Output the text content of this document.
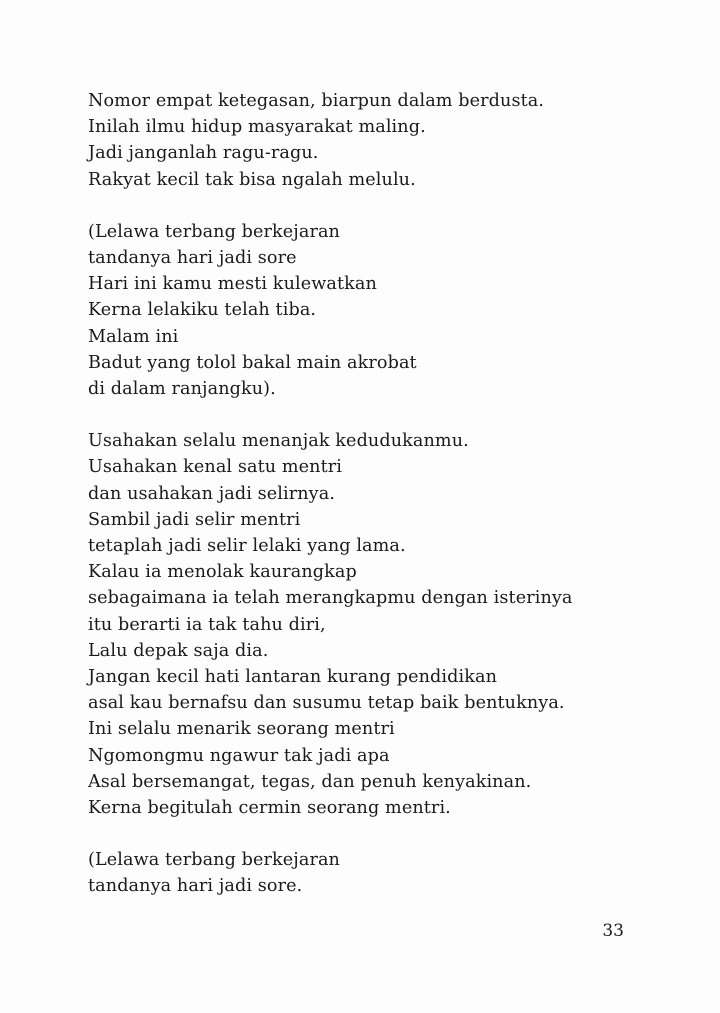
Nomor empat ketegasan, biarpun dalam berdusta.
Inilah ilmu hidup masyarakat maling.
Jadi janganlah ragu-ragu.
Rakyat kecil tak bisa ngalah melulu.
(Lelawa terbang berkejaran
tandanya hari jadi sore
Hari ini kamu mesti kulewatkan
Kerna lelakiku telah tiba.
Malam ini
Badut yang tolol bakal main akrobat
di dalam ranjangku).
Usahakan selalu menanjak kedudukanmu.
Usahakan kenal satu mentri
dan usahakan jadi selirnya.
Sambil jadi selir mentri
tetaplah jadi selir lelaki yang lama.
Kalau ia menolak kaurangkap
sebagaimana ia telah merangkapmu dengan isterinya
itu berarti ia tak tahu diri,
Lalu depak saja dia.
Jangan kecil hati lantaran kurang pendidikan
asal kau bernafsu dan susumu tetap baik bentuknya.
Ini selalu menarik seorang mentri
Ngomongmu ngawur tak jadi apa
Asal bersemangat, tegas, dan penuh kenyakinan.
Kerna begitulah cermin seorang mentri.
(Lelawa terbang berkejaran
tandanya hari jadi sore.
33
